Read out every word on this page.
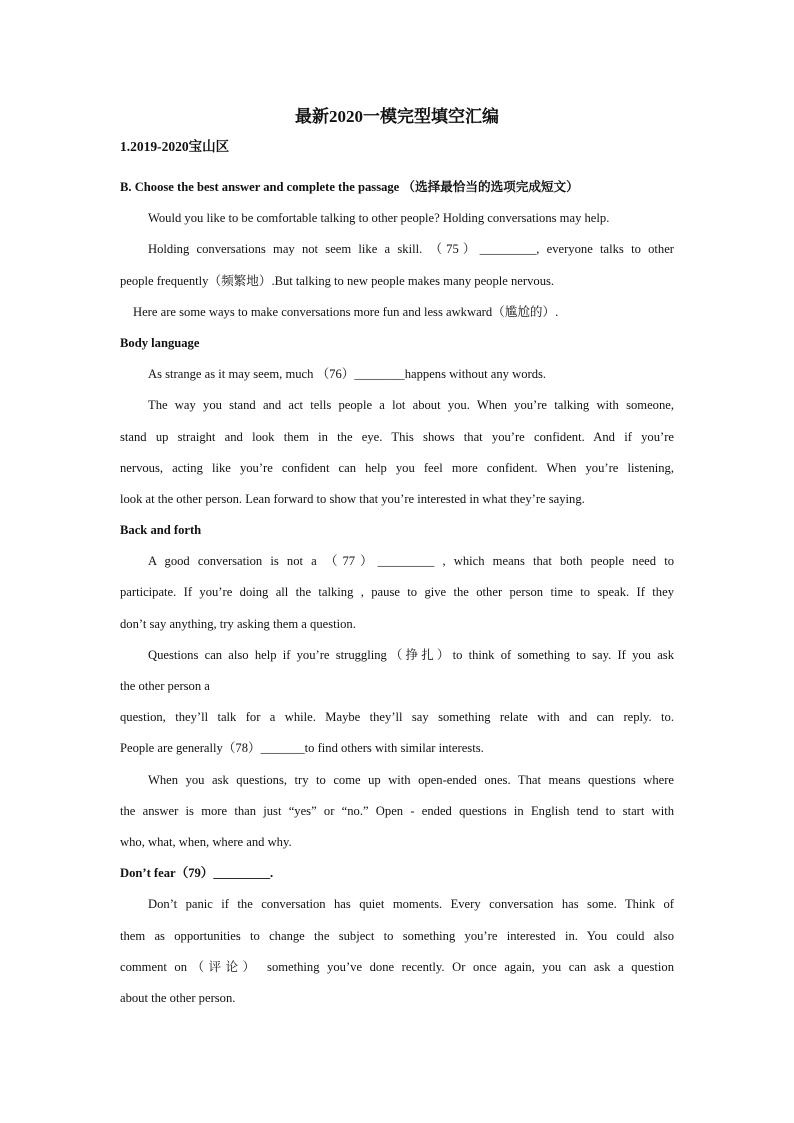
最新2020一模完型填空汇编
1.2019-2020宝山区
B. Choose the best answer and complete the passage （选择最恰当的选项完成短文）
Would you like to be comfortable talking to other people? Holding conversations may help.
Holding conversations may not seem like a skill. （75）_________, everyone talks to other
people frequently（频繁地）.But talking to new people makes many people nervous.
Here are some ways to make conversations more fun and less awkward（尴尬的）.
Body language
As strange as it may seem, much （76）________happens without any words.
The way you stand and act tells people a lot about you. When you’re talking with someone,
stand up straight and look them in the eye. This shows that you’re confident. And if you’re
nervous, acting like you’re confident can help you feel more confident. When you’re listening,
look at the other person. Lean forward to show that you’re interested in what they’re saying.
Back and forth
A good conversation is not a （77）_________ , which means that both people need to
participate. If you’re doing all the talking , pause to give the other person time to speak. If they
don’t say anything, try asking them a question.
Questions can also help if you’re struggling（挣扎）to think of something to say. If you ask
the other person a
question, they’ll talk for a while. Maybe they’ll say something relate with and can reply. to.
People are generally（78）_______to find others with similar interests.
When you ask questions, try to come up with open-ended ones. That means questions where
the answer is more than just “yes” or “no.” Open - ended questions in English tend to start with
who, what, when, where and why.
Don’t fear（79）_________.
Don’t panic if the conversation has quiet moments. Every conversation has some. Think of
them as opportunities to change the subject to something you’re interested in. You could also
comment on（评论） something you’ve done recently. Or once again, you can ask a question
about the other person.
